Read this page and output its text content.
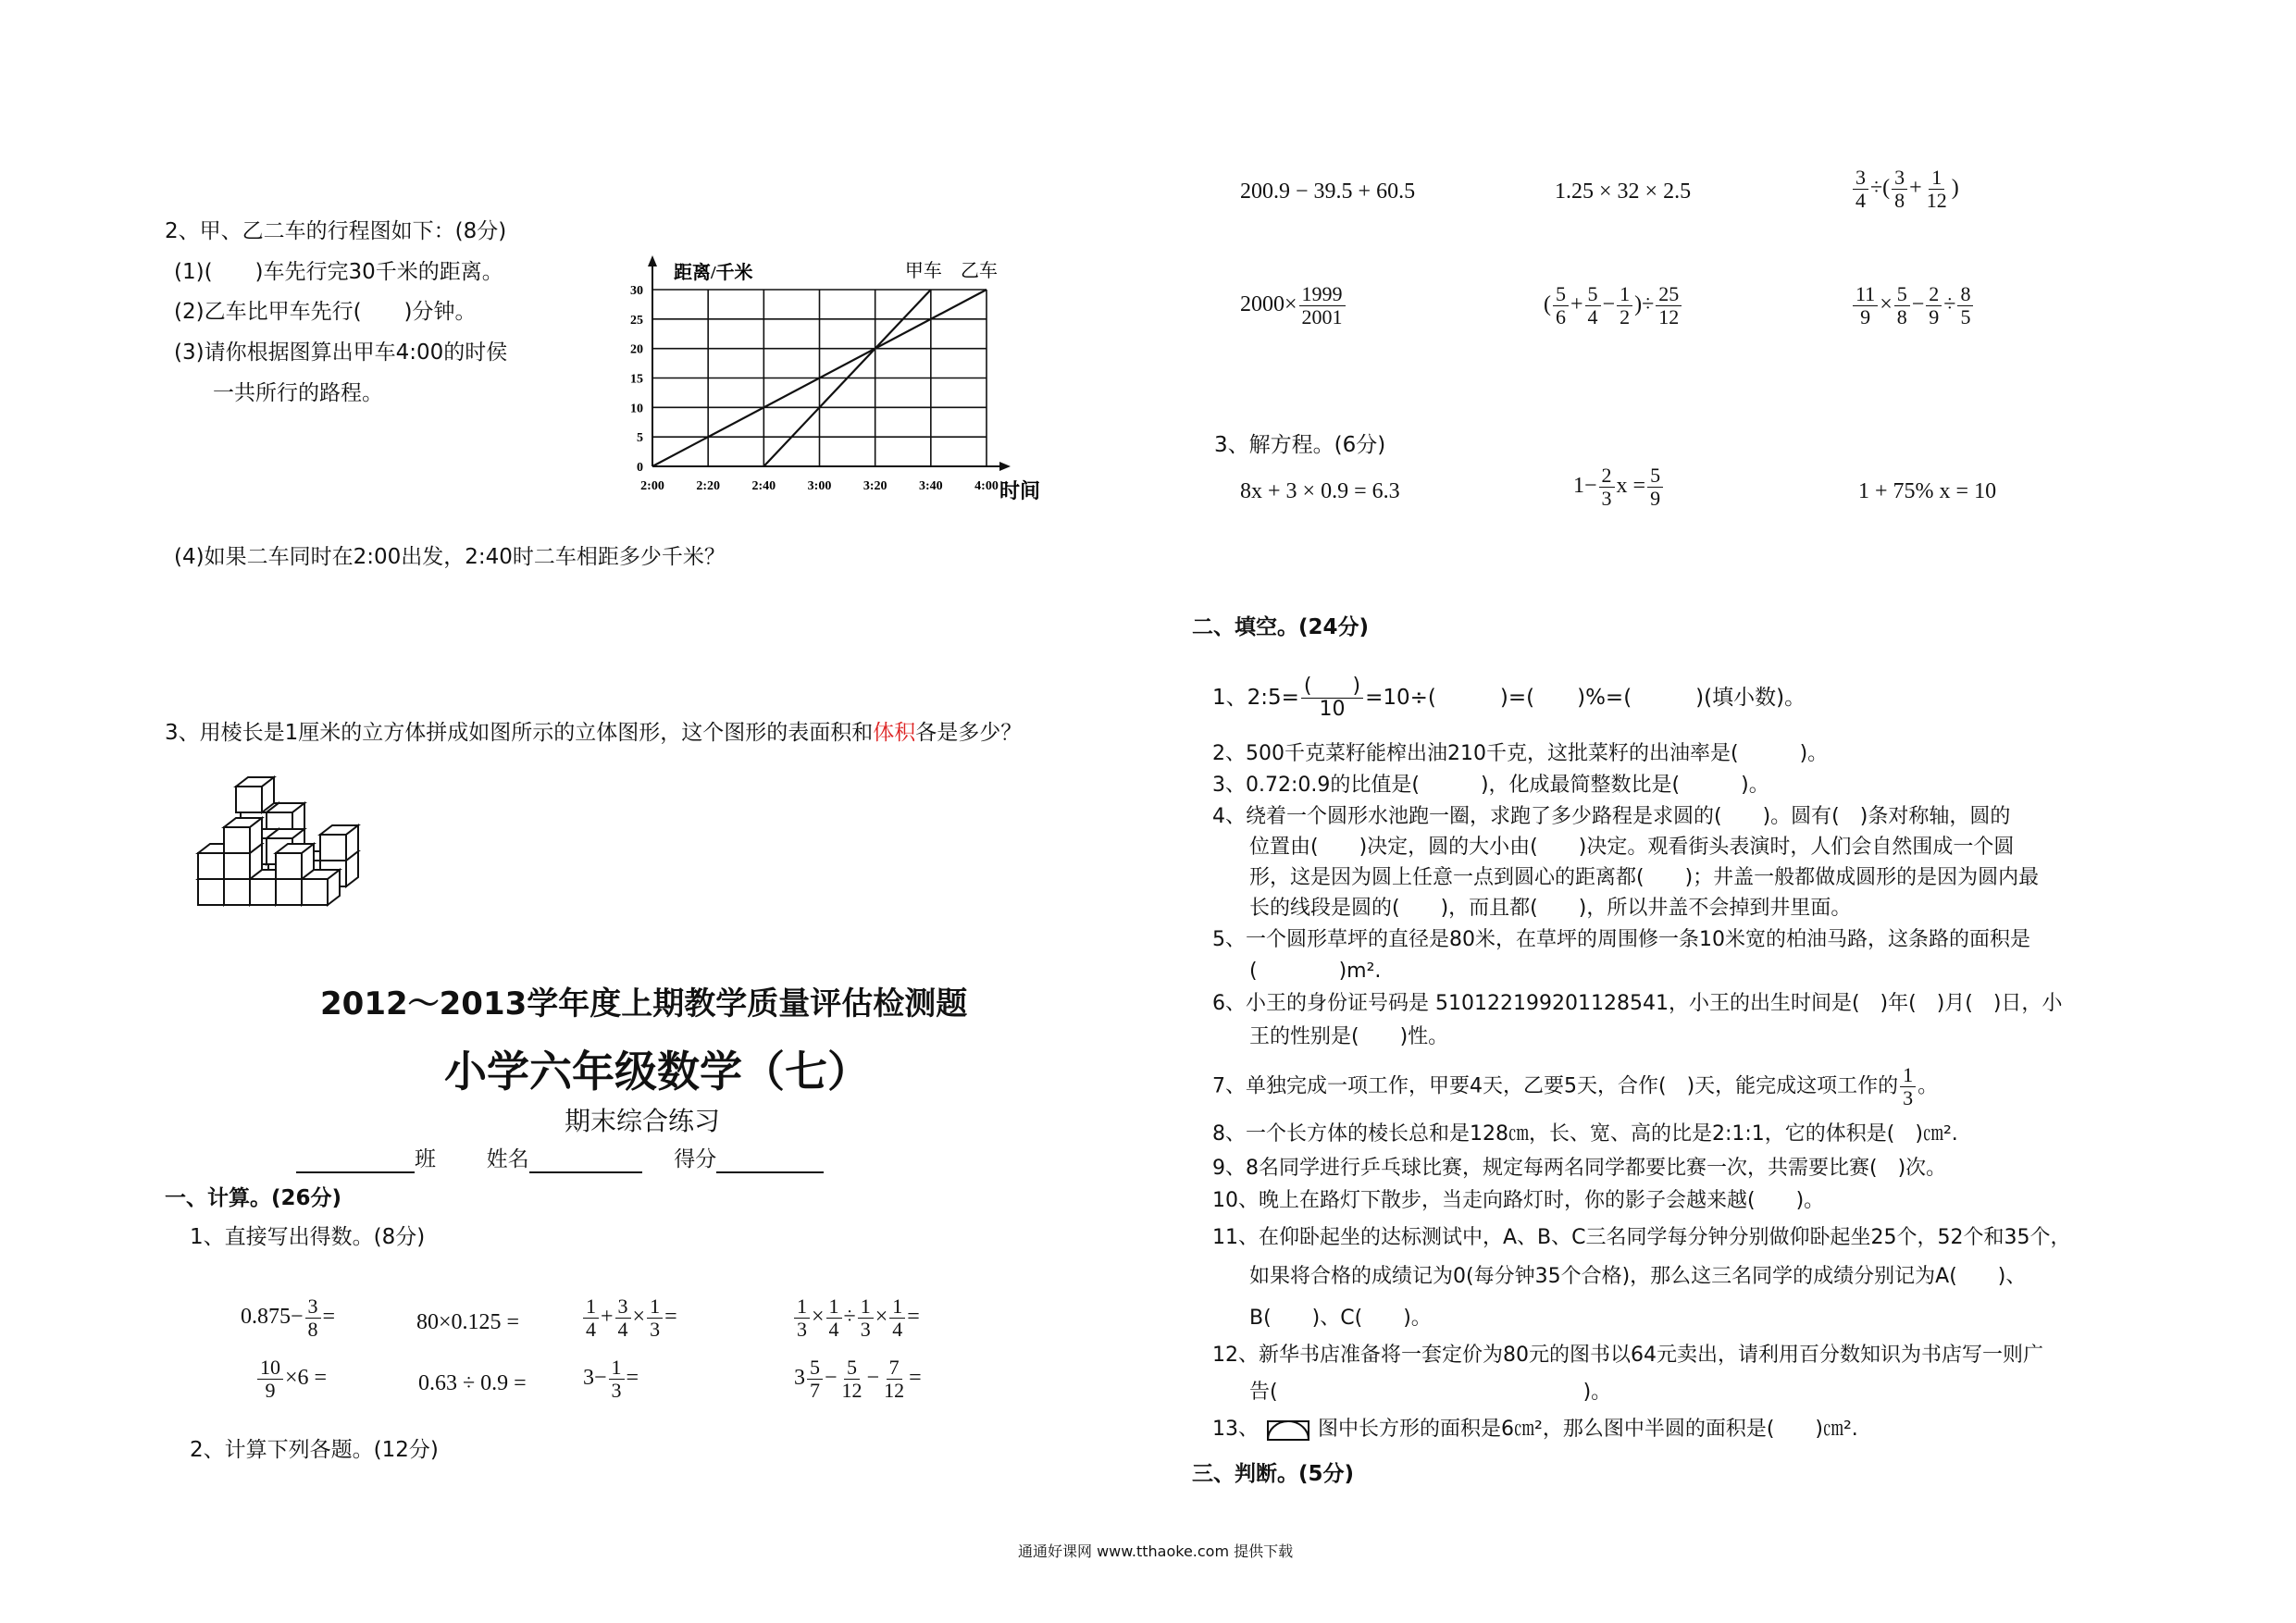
2、甲、乙二车的行程图如下：(8分)
(1)(　　)车先行完30千米的距离。
(2)乙车比甲车先行(　　)分钟。
(3)请你根据图算出甲车4:00的时侯
一共所行的路程。
0
5
10
15
20
25
30
2:00 2:20 2:40 3:00 3:20 3:40 4:00
甲车 乙车
距离/千米
时间
(4)如果二车同时在2:00出发，2:40时二车相距多少千米？
3、用棱长是1厘米的立方体拼成如图所示的立体图形，这个图形的表面积和体积各是多少？
2012～2013学年度上期教学质量评估检测题
小学六年级数学（七）
期末综合练习
班 姓名	得分
一、计算。(26分)
1、直接写出得数。(8分)
$0.875- \frac{3}{8}$ =	80×0.125 =	$\frac{1}{4} + \frac{3}{4} \times \frac{1}{3}$ =	$\frac{1}{3} \times \frac{1}{4} \div \frac{1}{3} \times \frac{1}{4}$ =
$\frac{10}{9} \times 6$ =	0.63 ÷ 0.9 =	$3- \frac{1}{3}$ =	$3 \frac{5}{7} - \frac{5}{12} - \frac{7}{12}$ =
2、计算下列各题。(12分)
200.9 − 39.5 + 60.5	1.25 × 32 × 2.5	$\frac{3}{4}$ ÷( $\frac{3}{8} + \frac{1}{12}$ )
$2000\times \frac{1999}{2001}$	( $\frac{5}{6} + \frac{5}{4} - \frac{1}{2}$ )÷ $\frac{25}{12}$	$\frac{11}{9} \times \frac{5}{8} - \frac{2}{9} \div \frac{8}{5}$
3、解方程。(6分)
8x + 3 × 0.9 = 6.3	$1- \frac{2}{3}$ $x = \frac{5}{9}$	1 + 75% x = 10
二、填空。(24分)
1、2:5= $\frac{( )}{10} =10\div$(　　　)=(　　)%=(　　　)(填小数)。
2、500千克菜籽能榨出油210千克，这批菜籽的出油率是(　　　)。
3、0.72:0.9的比值是(　　　)，化成最简整数比是(　　　)。
4、绕着一个圆形水池跑一圈，求跑了多少路程是求圆的(　　)。圆有(　)条对称轴，圆的
位置由(　　)决定，圆的大小由(　　)决定。观看街头表演时，人们会自然围成一个圆
形，这是因为圆上任意一点到圆心的距离都(　　)；井盖一般都做成圆形的是因为圆内最
长的线段是圆的(　　)，而且都(　　)，所以井盖不会掉到井里面。
5、一个圆形草坪的直径是80米，在草坪的周围修一条10米宽的柏油马路，这条路的面积是
(　　　　)m².
6、小王的身份证号码是 510122199201128541，小王的出生时间是(　)年(　)月(　)日，小
王的性别是(　　)性。
7、单独完成一项工作，甲要4天，乙要5天，合作(　)天，能完成这项工作的 $\frac{1}{3}$ 。
8、一个长方体的棱长总和是128㎝，长、宽、高的比是2:1:1，它的体积是(　)㎝².
9、8名同学进行乒乓球比赛，规定每两名同学都要比赛一次，共需要比赛(　)次。
10、晚上在路灯下散步，当走向路灯时，你的影子会越来越(　　)。
11、在仰卧起坐的达标测试中，A、B、C三名同学每分钟分别做仰卧起坐25个，52个和35个，
如果将合格的成绩记为0(每分钟35个合格)，那么这三名同学的成绩分别记为A(　　)、
B(　　)、C(　　)。
12、新华书店准备将一套定价为80元的图书以64元卖出，请利用百分数知识为书店写一则广
告(　　　　　　　　　　　　　　　)。
13、	图中长方形的面积是6㎝²，那么图中半圆的面积是(　　)㎝².
三、判断。(5分)
通通好课网 www.tthaoke.com 提供下载
